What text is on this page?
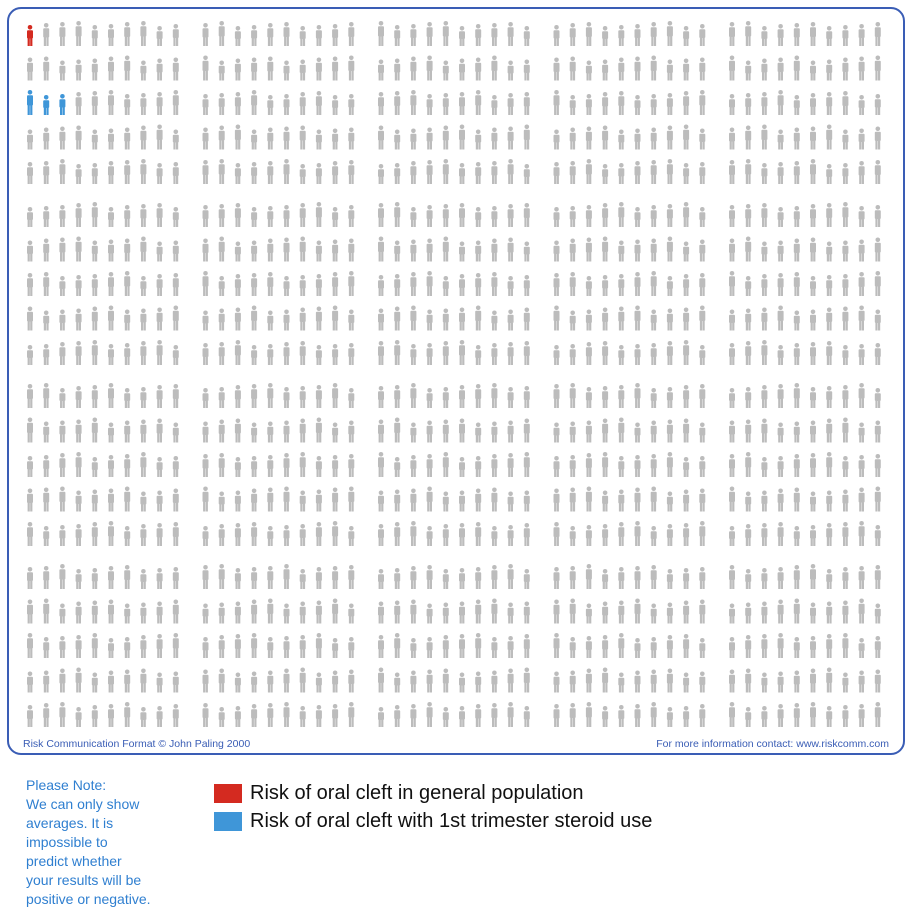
Risk Communication Format © John Paling 2000	For more information contact: www.riskcomm.com
Please Note:
We can only show
averages. It is
impossible to
predict whether
your results will be
positive or negative.
Risk of oral cleft in general population
Risk of oral cleft with 1st trimester steroid use
